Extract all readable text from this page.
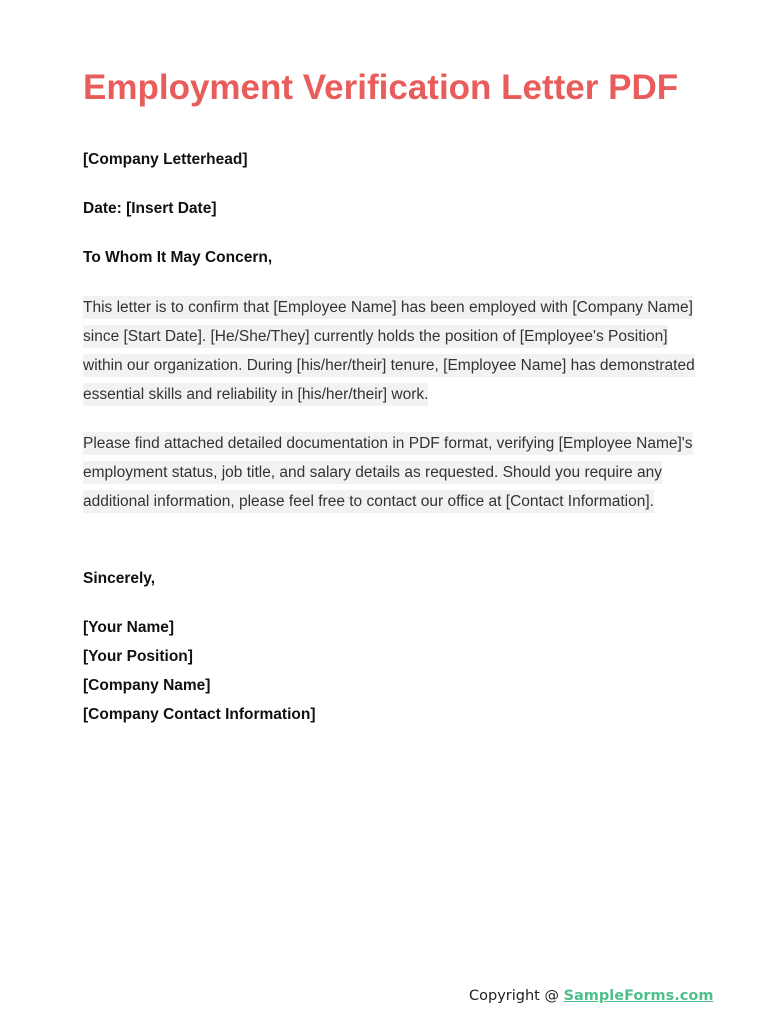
Employment Verification Letter PDF

[Company Letterhead]

Date: [Insert Date]

To Whom It May Concern,

This letter is to confirm that [Employee Name] has been employed with [Company Name] since [Start Date]. [He/She/They] currently holds the position of [Employee's Position] within our organization. During [his/her/their] tenure, [Employee Name] has demonstrated essential skills and reliability in [his/her/their] work.

Please find attached detailed documentation in PDF format, verifying [Employee Name]'s employment status, job title, and salary details as requested. Should you require any additional information, please feel free to contact our office at [Contact Information].

Sincerely,

[Your Name]
[Your Position]
[Company Name]
[Company Contact Information]
Copyright @ SampleForms.com
